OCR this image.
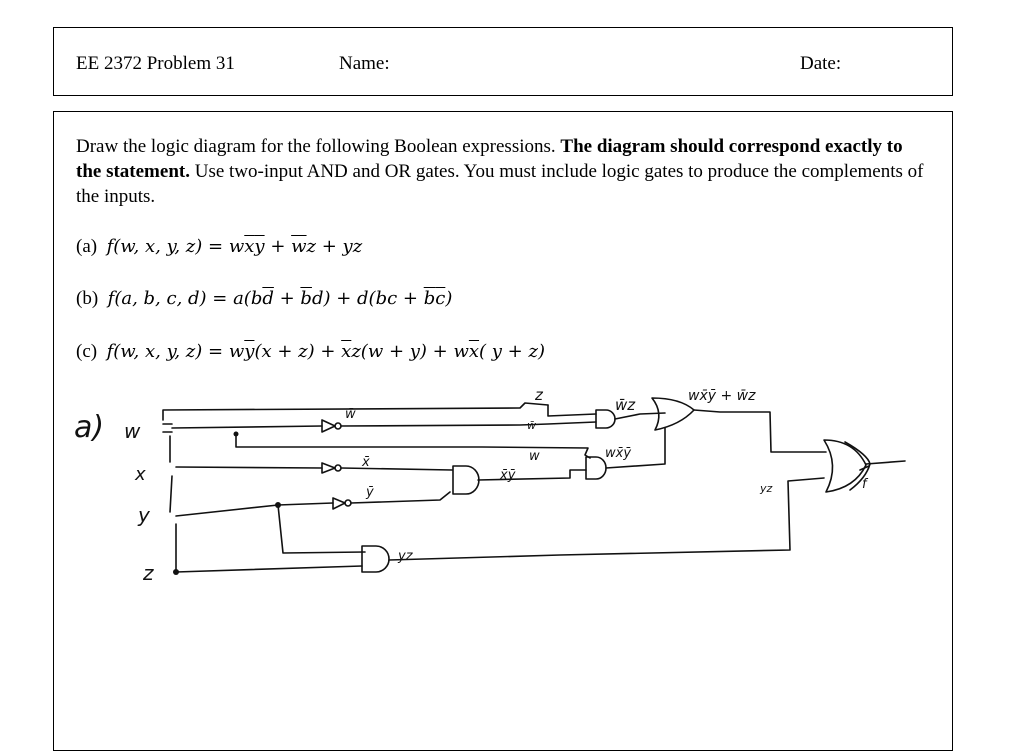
EE 2372 Problem 31	Name:	Date:
Draw the logic diagram for the following Boolean expressions. The diagram should correspond exactly to the statement. Use two-input AND and OR gates. You must include logic gates to produce the complements of the inputs.
(a) f(w, x, y, $z) = w\overline{x}\overline{y} + \overline{w}z$ + yz
(b) f(a, b, c, $d) = a(b\overline{d} + \overline{b}d) + d(bc + \overline{b}\overline{c})$
(c) f(w, x, y, $z) = w\overline{y}(x + z) + \overline{x}z(w + y) + w\overline{x}$( y + z)
a) w
x
y
z
w̄
x̄
ȳ
z
w̄
w̄z
x̄ȳ
w	wx̄ȳ
wx̄ȳ + w̄z
yz
yz	f
